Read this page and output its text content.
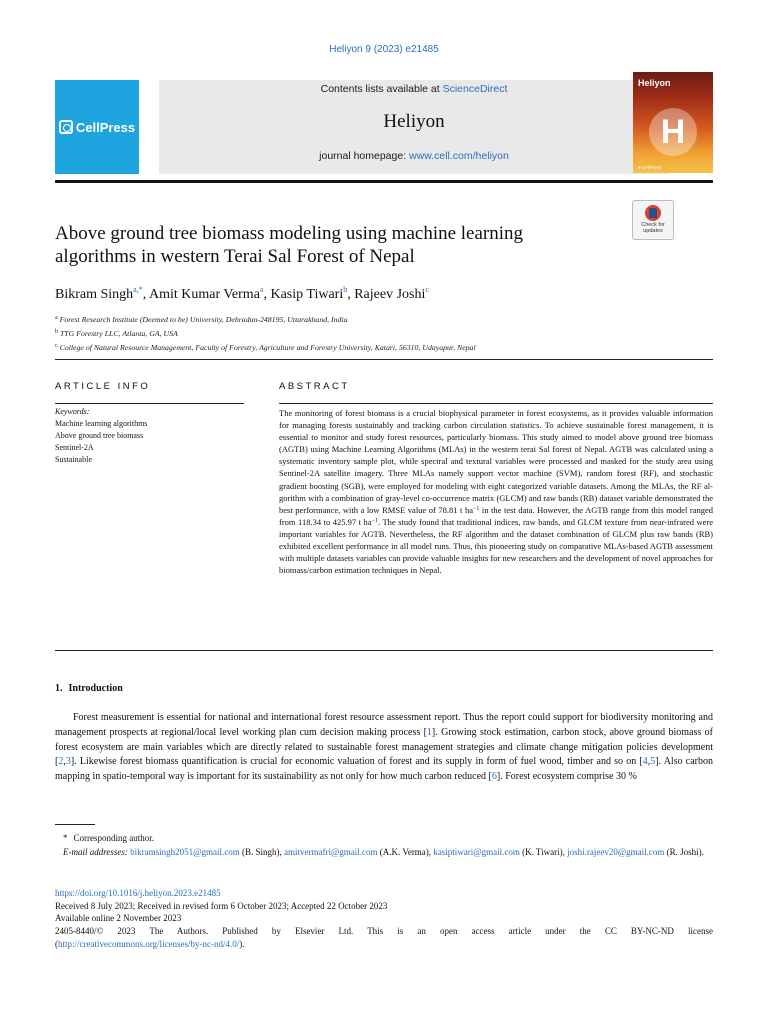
Heliyon 9 (2023) e21485
CellPress
Contents lists available at ScienceDirect
Heliyon
journal homepage: www.cell.com/heliyon
Heliyon
H
● CellPress
Check for
updates
Above ground tree biomass modeling using machine learning
algorithms in western Terai Sal Forest of Nepal
Bikram Singh$^{a,*}$, Amit Kumar Verma$^a$, Kasip Tiwari$^b$, Rajeev Joshi$^c$
$^a$ Forest Research Institute (Deemed to be) University, Dehradun-248195, Uttarakhand, India
$^b$ TTG Forestry LLC, Atlanta, GA, USA
$^c$ College of Natural Resource Management, Faculty of Forestry, Agriculture and Forestry University, Katari, 56310, Udayapur, Nepal
ARTICLE INFO	ABSTRACT
Keywords:
Machine learning algorithms
Above ground tree biomass
Sentinel-2A
Sustainable
The monitoring of forest biomass is a crucial biophysical parameter in forest ecosystems, as it provides valuable information for managing forests sustainably and tracking carbon circulation statistics. To achieve sustainable forest management, it is essential to monitor and study forest resources, particularly biomass. This study aimed to model above ground tree biomass (AGTB) using Machine Learning Algorithms (MLAs) in the western terai Sal forest of Nepal. AGTB was calculated using a systematic inventory sample plot, while spectral and textural variables were processed and masked for the study area using Sentinel-2A satellite imagery. Three MLAs namely support vector machine (SVM), random forest (RF), and stochastic gradient boosting (SGB), were employed for modeling with eight categorized variable datasets. Among the MLAs, the RF algorithm with a combination of gray-level co-occurrence matrix (GLCM) and raw bands (RB) dataset variable demonstrated the best performance, with a low RMSE value of 78.81 t $ha^{-1}$ in the test data. However, the AGTB range from this model ranged from 118.34 to 425.97 t $ha^{-1}$. The study found that traditional indices, raw bands, and GLCM texture from near-infrared were important variables for AGTB. Nevertheless, the RF algorithm and the dataset combination of GLCM plus raw bands (RB) exhibited excellent performance in all model runs. Thus, this pioneering study on comparative MLAs-based AGTB assessment with multiple datasets variables can provide valuable insights for new researchers and the development of novel approaches for biomass/carbon estimation techniques in Nepal.
1. Introduction
Forest measurement is essential for national and international forest resource assessment report. Thus the report could support for biodiversity monitoring and management prospects at regional/local level working plan cum decision making process [1]. Growing stock estimation, carbon stock, above ground biomass of forest ecosystem are main variables which are directly related to sustainable forest management strategies and climate change mitigation policies development [2,3]. Likewise forest biomass quantification is crucial for economic valuation of forest and its supply in form of fuel wood, timber and so on [4,5]. Also carbon mapping in spatio-temporal way is important for its sustainability as not only for how much carbon reduced [6]. Forest ecosystem comprise 30 %
* Corresponding author.
E-mail addresses: bikramsingh2051@gmail.com (B. Singh), amitvermafri@gmail.com (A.K. Verma), kasiptiwari@gmail.com (K. Tiwari), joshi.rajeev20@gmail.com (R. Joshi).
https://doi.org/10.1016/j.heliyon.2023.e21485
Received 8 July 2023; Received in revised form 6 October 2023; Accepted 22 October 2023
Available online 2 November 2023
2405-8440/© 2023 The Authors. Published by Elsevier Ltd. This is an open access article under the CC BY-NC-ND license
(http://creativecommons.org/licenses/by-nc-nd/4.0/).
